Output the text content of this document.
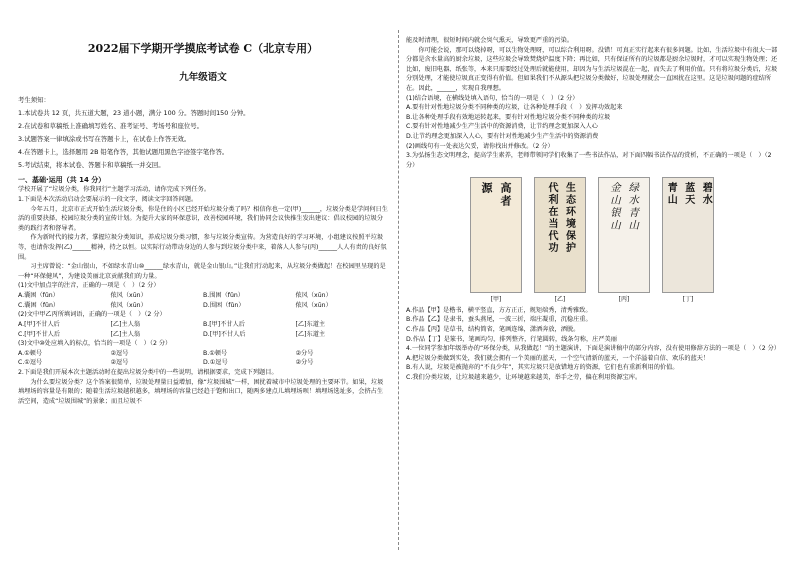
2022届下学期开学摸底考试卷 C（北京专用）
九年级语文

考生须知：

1.本试卷共 12 页，共五道大题，23 道小题，满分 100 分。答题时间150 分钟。

2.在试卷和草稿纸上准确填写姓名、准考证号、考场号和座位号。

3.试题答案一律填涂或书写在答题卡上，在试卷上作答无效。

4.在答题卡上，选择题用 2B 铅笔作答，其他试题用黑色字迹签字笔作答。

5.考试结束，将本试卷、答题卡和草稿纸一并交回。

一、基础·运用（共 14 分）

学校开展了“垃圾分类，你我同行”主题学习活动，请你完成下列任务。

1.下面是本次活动启动会要展示的一段文字，阅读文字回答问题。

今年五月，北京市正式开始生活垃圾分类，你是住的小区已经开始垃圾分类了吗？相信你也一定(甲)______，垃圾分类是学问何日生活的重要抉择，校园垃圾分类的宣传计划。为提升大家的环保意识，改善校园环境，我们协同会议快推生发出建议：倡议校园的垃圾分类的践行者和督导者。

作为新时代的接力者，掌握垃圾分类知识，养成垃圾分类习惯，参与垃圾分类宣传。为营造良好的学习环境，小组建议按照平垃圾等，也请你发挥(乙)______精神，持之以恒。以实际行动带动身边的人参与到垃圾分类中来，着落人人参与(丙)______人人有责的良好氛围。

习主席曾说：“金山银山，不如绿水青山⑩______绿水青山，就是金山银山。”让我们行动起来，从垃圾分类做起！在校园里呈现的是一种“环保健风”，为建设美丽北京贡献我们的力量。

(1)文中加点字的注音，正确的一项是（　）（2 分）

A.囊困（fǔn）	侬风（xūn）	B.围困（fǔn）	侬风（xūn）
C.囊困（fǔn）	侬风（xūn）	D.围困（fǔn）	侬风（xūn）

(2)文中甲乙丙所填词语，正确的一项是（　）（2 分）

A.[甲]不甘人后	[乙]主人翁	B.[甲]不甘人后	[乙]东道主
C.[甲]不甘人后	[乙]主人翁	D.[甲]不甘人后	[乙]东道主

(3)文中⑩处应填入的标点，恰当的一项是（　）（2 分）

A.①顿号	②逗号	B.①顿号	②分号
C.①逗号	②逗号	D.①逗号	②分号

2.下面是我们开展本次主题活动时在提出垃圾分类中的一些说明，请根据要求，完成下列题目。

为什么要垃圾分类？这个答案很简单，垃圾处理量日益增加，像“垃圾围城”一样，困扰着城市中垃圾处理的主要环节。如果，垃圾填埋场的容量是有限的；随着生活垃圾越积越多，填埋场的容量已经趋于饱和出口，随两多建点儿填埋场呗！填埋场选址多，会挤占生活空间，造成“垃圾围城”的景象；而且垃圾不

能及时清理，很短时间内就会臭气熏天，导致更严重的污染。

你可能会说，那可以烧掉呀，可以生物处理呀，可以综合利用呀。没错！可真正实行起来有很多问题。比如，生活垃圾中有很大一部分都是含水量高的厨余垃圾，这些垃圾会导致焚烧炉温度下降；再比如，只有保证所有的垃圾都是厨余垃圾时，才可以实现生物处理；还比如，废旧电器、纸张等，本来只需要经过处理后就能使用，却因为与生活垃圾混在一起，而失去了利用价值。只有将垃圾分类后，垃圾分别处理，才能使垃圾真正变得有价值。但如果我们不从源头把垃圾分类做好，垃圾处理就会一直困扰在这里。这是垃圾问题的症结所在。因此，______，实现自我理想。

(1)结合语境，在横线处填入语句，恰当的一项是（　）（2 分）

A.要有针对性地垃圾分类不同种类的垃圾，让各种处理手段（　）发挥功效起来

B.让各种处理手段有效地运转起来，要有针对性地垃圾分类不同种类的垃圾

C.要有针对性地减少生产生活中的资源消费，让节约理念更加深入人心

D.让节约理念更加深入人心，要有针对性地减少生产生活中的资源消费

(2)画线句有一处表达欠妥，请你找出并修改。（2 分）

3.为弘扬生态文明理念，提高学生素养，老师带领同学们收集了一些书法作品，对下面四幅书法作品的赏析，不正确的一项是（　）（2 分）

高者
源
[甲]
生态环境保护
代利在当代功
[乙]
绿水青山
金山银山
[丙]
碧水
蓝天
青山
[丁]

A.作品【甲】是楷书，横平竖直，方方正正，规矩端秀，清秀雅致。

B.作品【乙】是隶书，蚕头燕尾，一波三折，端庄凝重，沉稳庄重。

C.作品【丙】是草书，结构简省，笔画连绵，潇洒奔放，洒脱。

D.作品【丁】是篆书，笔画均匀，排列整齐，行笔圆转，线条匀称，庄严美丽

4.一位同学参加年级举办的“环保分类，从我做起！”的主题演讲，下面是演讲稿中的部分内容，没有使用修辞方法的一项是（　）（2 分）

A.把垃圾分类做到实处，我们就会拥有一个美丽的蓝天，一个空气清新的蓝天，一个洋溢着自信、欢乐的蓝天！

B.有人说，垃圾是被抛弃的“不良少年”，其实垃圾只是放错地方的资源，它们也有重新利用的价值。

C.我们分类垃圾，让垃圾越来越少，让环境越来越美，举手之劳，偏在利用资源宝库。
